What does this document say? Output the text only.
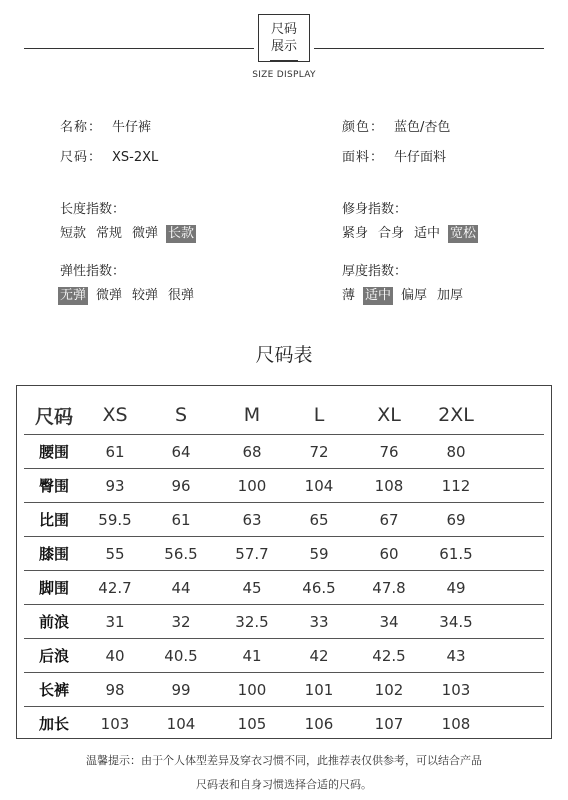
尺码
展示
SIZE DISPLAY
名称： 牛仔裤	颜色： 蓝色/杏色
尺码： XS-2XL	面料： 牛仔面料
长度指数：
短款 常规 微弹 长款
修身指数：
紧身 合身 适中 宽松
弹性指数：
无弹 微弹 较弹 很弹
厚度指数：
薄 适中 偏厚 加厚
尺码表
尺码	XS	S	M	L	XL	2XL
腰围	61	64	68	72	76	80
臀围	93	96	100	104	108	112
比围	59.5	61	63	65	67	69
膝围	55	56.5	57.7	59	60	61.5
脚围	42.7	44	45	46.5	47.8	49
前浪	31	32	32.5	33	34	34.5
后浪	40	40.5	41	42	42.5	43
长裤	98	99	100	101	102	103
加长	103	104	105	106	107	108
温馨提示：由于个人体型差异及穿衣习惯不同，此推荐表仅供参考，可以结合产品
尺码表和自身习惯选择合适的尺码。
